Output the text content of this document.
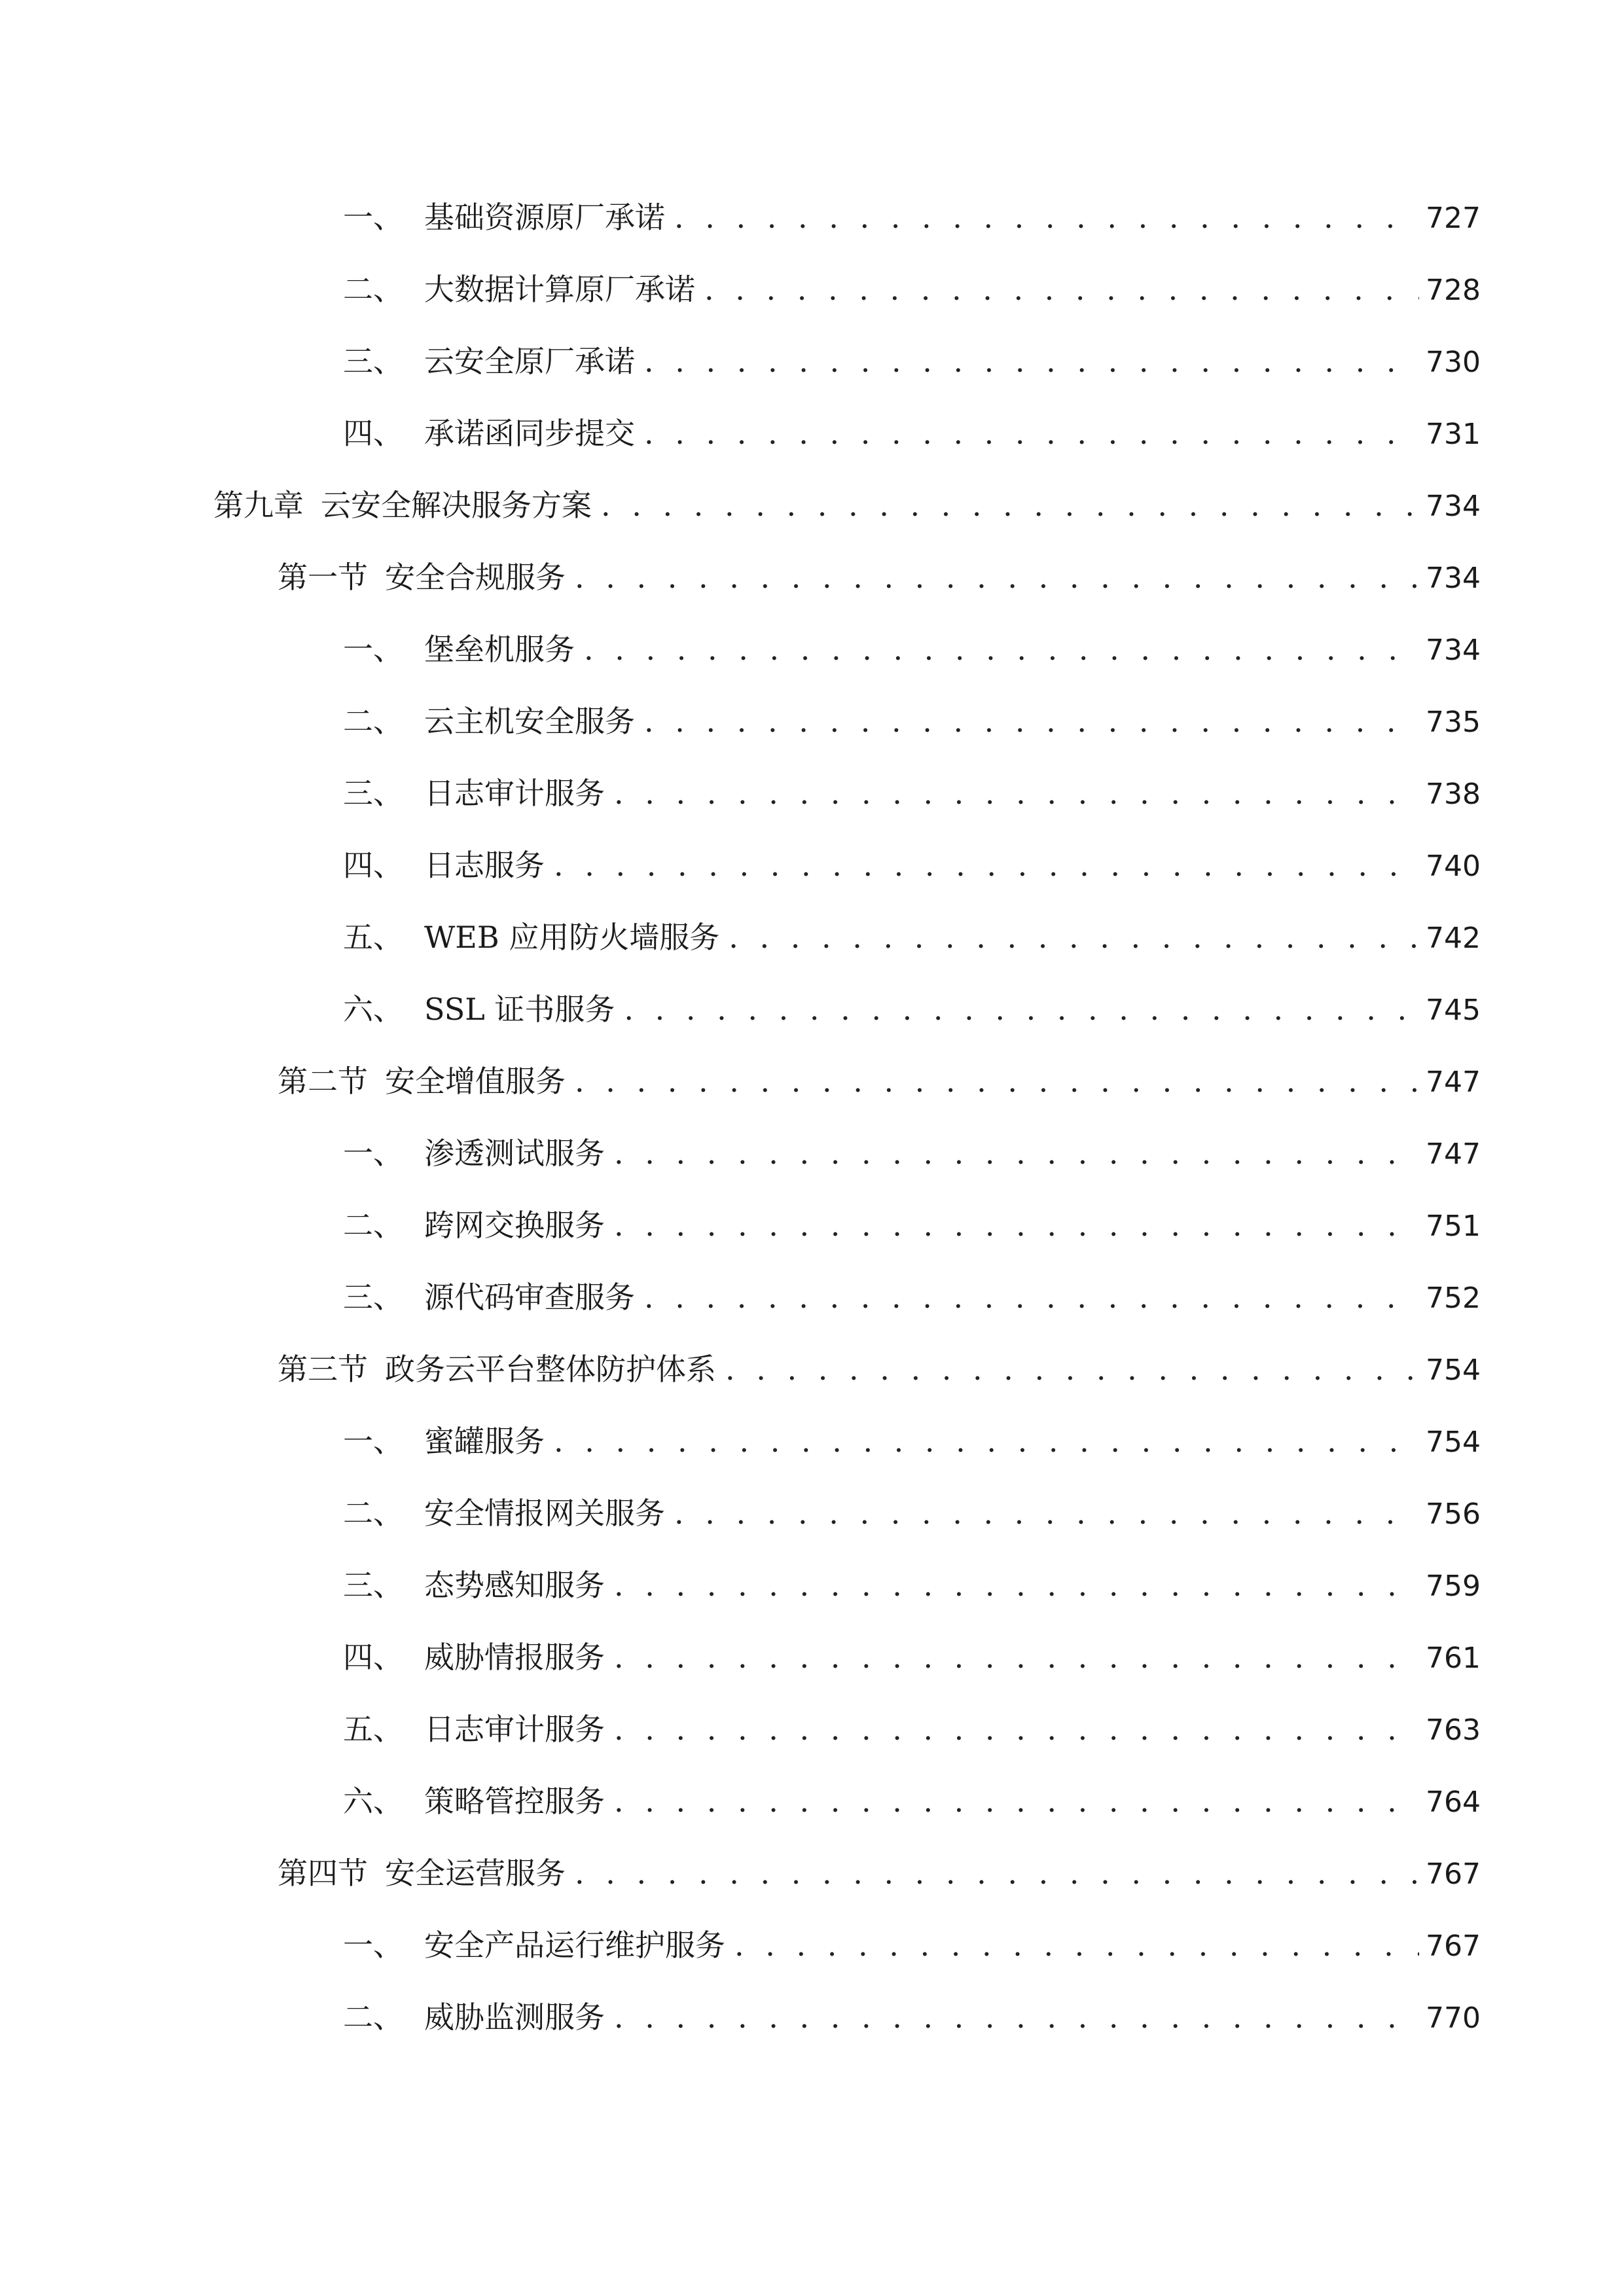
一、 基础资源原厂承诺 . . .	727
二、 大数据计算原厂承诺 . . .	728
三、 云安全原厂承诺 . . .	730
四、 承诺函同步提交 . . .	731
第九章 云安全解决服务方案 . . .	734
第一节 安全合规服务 . . .	734
一、 堡垒机服务 . . .	734
二、 云主机安全服务 . . .	735
三、 日志审计服务 . . .	738
四、 日志服务 . . .	740
五、 WEB 应用防火墙服务 . . .	742
六、 SSL 证书服务 . . .	745
第二节 安全增值服务 . . .	747
一、 渗透测试服务 . . .	747
二、 跨网交换服务 . . .	751
三、 源代码审查服务 . . .	752
第三节 政务云平台整体防护体系 . . .	754
一、 蜜罐服务 . . .	754
二、 安全情报网关服务 . . .	756
三、 态势感知服务 . . .	759
四、 威胁情报服务 . . .	761
五、 日志审计服务 . . .	763
六、 策略管控服务 . . .	764
第四节 安全运营服务 . . .	767
一、 安全产品运行维护服务 . . .	767
二、 威胁监测服务 . . .	770
